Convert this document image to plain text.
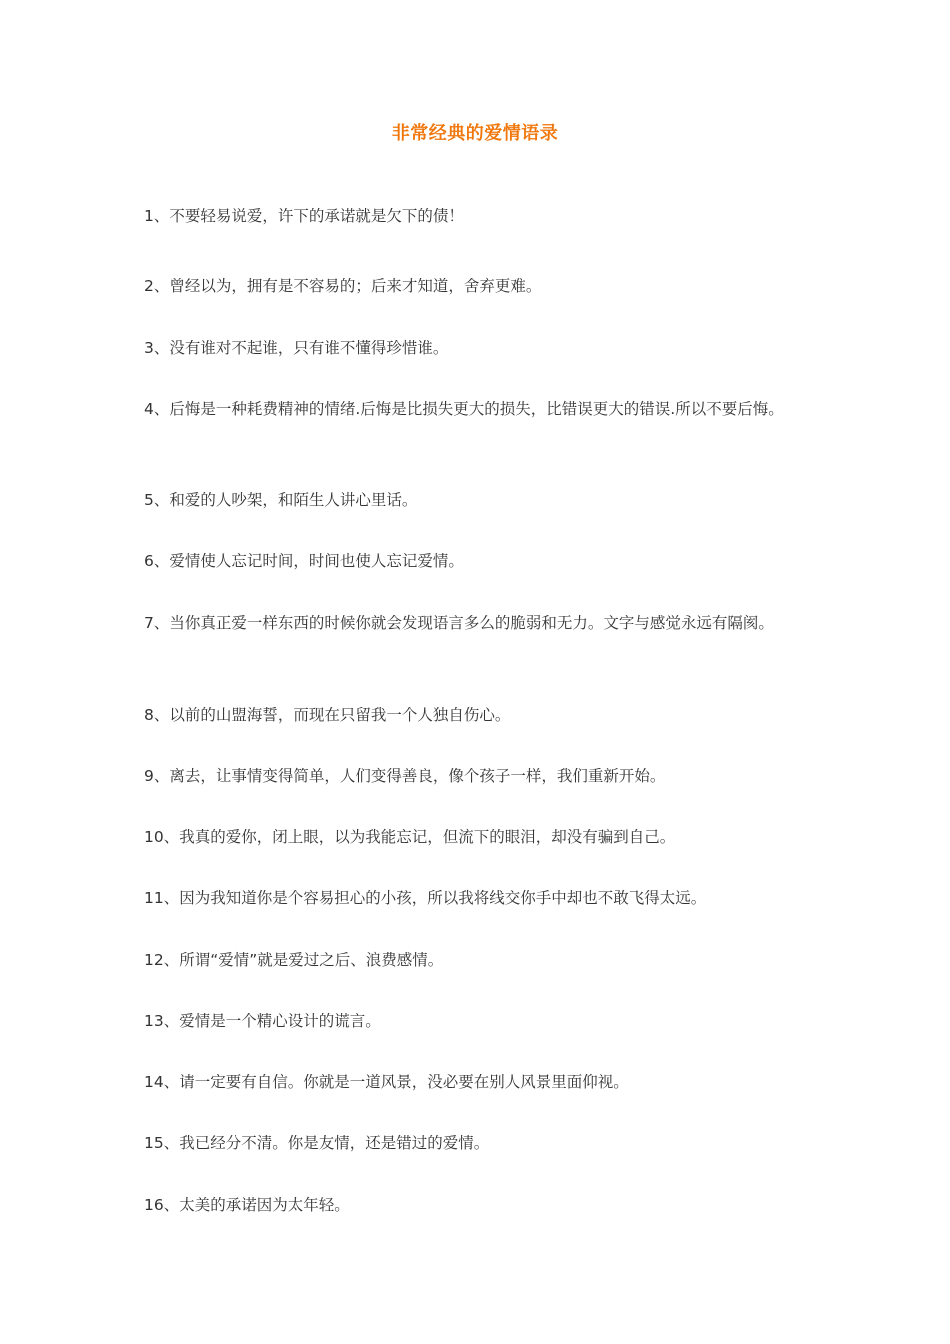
非常经典的爱情语录

1、不要轻易说爱，许下的承诺就是欠下的债！

2、曾经以为，拥有是不容易的；后来才知道，舍弃更难。

3、没有谁对不起谁，只有谁不懂得珍惜谁。

4、后悔是一种耗费精神的情绪.后悔是比损失更大的损失，比错误更大的错误.所以不要后悔。

5、和爱的人吵架，和陌生人讲心里话。

6、爱情使人忘记时间，时间也使人忘记爱情。

7、当你真正爱一样东西的时候你就会发现语言多么的脆弱和无力。文字与感觉永远有隔阂。

8、以前的山盟海誓，而现在只留我一个人独自伤心。

9、离去，让事情变得简单，人们变得善良，像个孩子一样，我们重新开始。

10、我真的爱你，闭上眼，以为我能忘记，但流下的眼泪，却没有骗到自己。

11、因为我知道你是个容易担心的小孩，所以我将线交你手中却也不敢飞得太远。

12、所谓“爱情”就是爱过之后、浪费感情。

13、爱情是一个精心设计的谎言。

14、请一定要有自信。你就是一道风景，没必要在别人风景里面仰视。

15、我已经分不清。你是友情，还是错过的爱情。

16、太美的承诺因为太年轻。
